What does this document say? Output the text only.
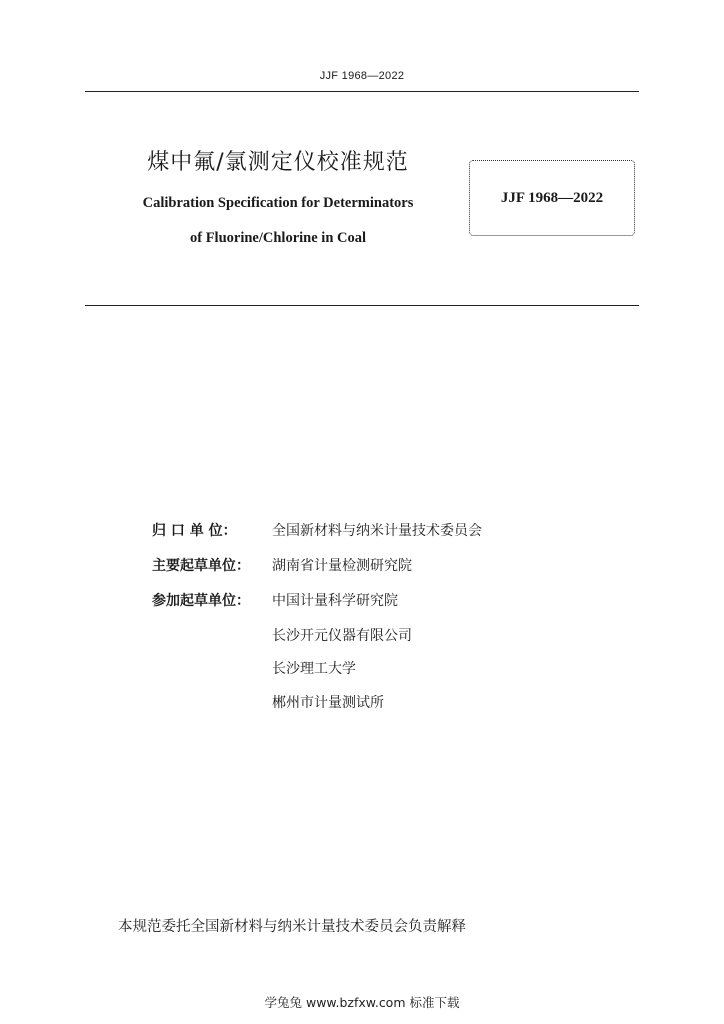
JJF 1968—2022
煤中氟/氯测定仪校准规范
Calibration Specification for Determinators
of Fluorine/Chlorine in Coal
JJF 1968—2022
归 口 单 位：	全国新材料与纳米计量技术委员会
主要起草单位：	湖南省计量检测研究院
参加起草单位：	中国计量科学研究院
长沙开元仪器有限公司
长沙理工大学
郴州市计量测试所
本规范委托全国新材料与纳米计量技术委员会负责解释
学兔兔 www.bzfxw.com 标准下载
